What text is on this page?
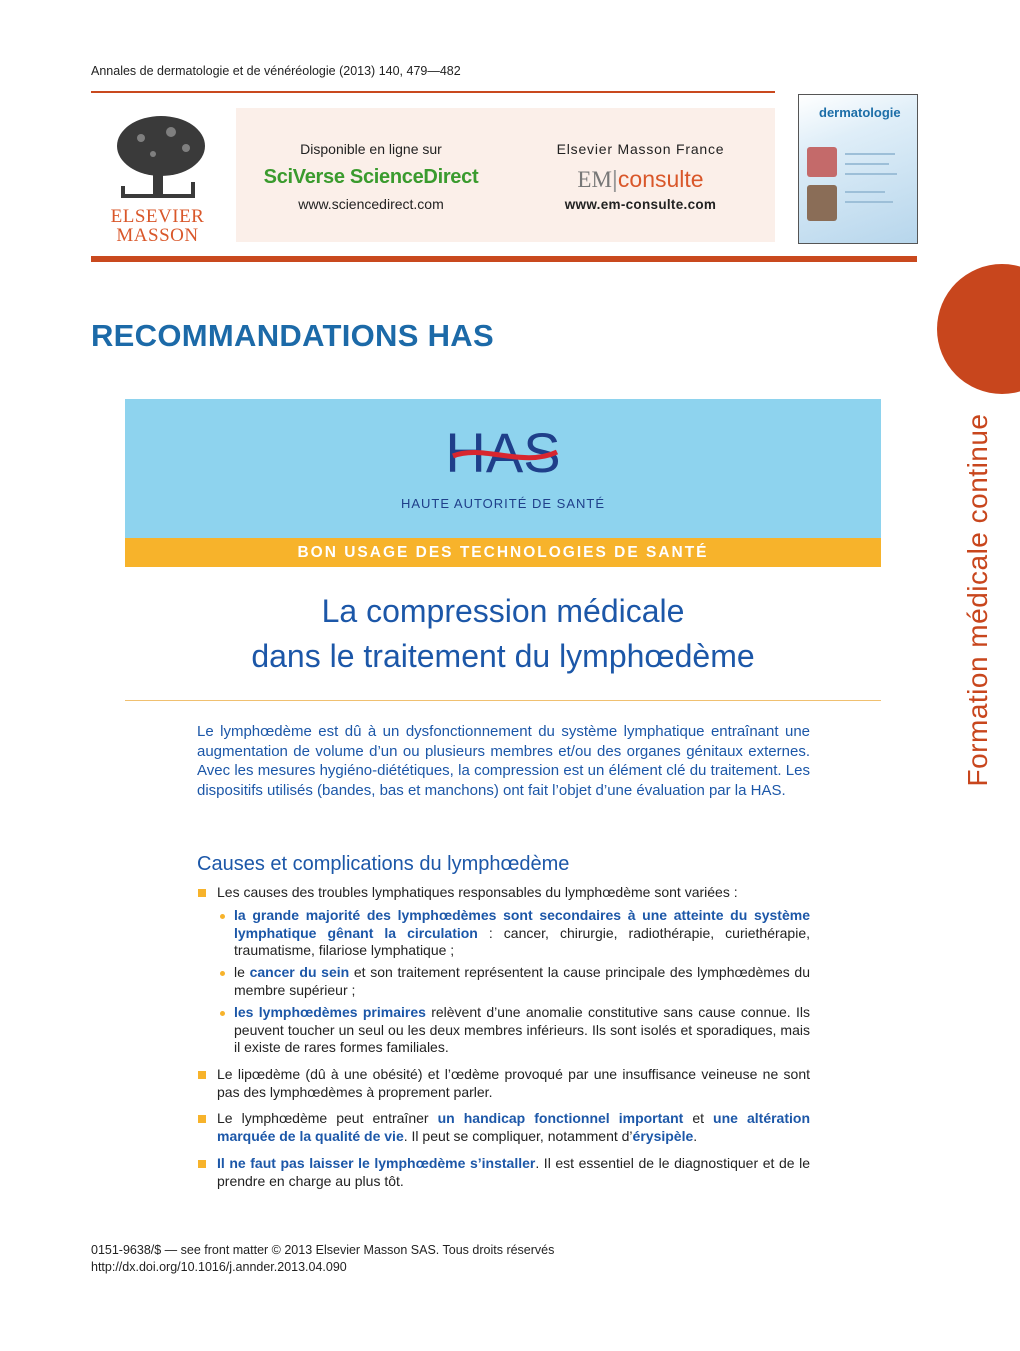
Annales de dermatologie et de vénéréologie (2013) 140, 479—482
ELSEVIER
MASSON
Disponible en ligne sur
SciVerse ScienceDirect
www.sciencedirect.com
Elsevier Masson France
EM|consulte
www.em-consulte.com
dermatologie
Formation médicale continue
RECOMMANDATIONS HAS
HAS
HAUTE AUTORITÉ DE SANTÉ
BON USAGE DES TECHNOLOGIES DE SANTÉ
La compression médicale
dans le traitement du lymphœdème
Le lymphœdème est dû à un dysfonctionnement du système lymphatique entraînant une augmentation de volume d’un ou plusieurs membres et/ou des organes génitaux externes. Avec les mesures hygiéno-diététiques, la compression est un élément clé du traitement. Les dispositifs utilisés (bandes, bas et manchons) ont fait l’objet d’une évaluation par la HAS.
Causes et complications du lymphœdème
Les causes des troubles lymphatiques responsables du lymphœdème sont variées :
la grande majorité des lymphœdèmes sont secondaires à une atteinte du système lymphatique gênant la circulation : cancer, chirurgie, radiothérapie, curiethérapie, traumatisme, filariose lymphatique ;
le cancer du sein et son traitement représentent la cause principale des lymphœdèmes du membre supérieur ;
les lymphœdèmes primaires relèvent d’une anomalie constitutive sans cause connue. Ils peuvent toucher un seul ou les deux membres inférieurs. Ils sont isolés et sporadiques, mais il existe de rares formes familiales.
Le lipœdème (dû à une obésité) et l’œdème provoqué par une insuffisance veineuse ne sont pas des lymphœdèmes à proprement parler.
Le lymphœdème peut entraîner un handicap fonctionnel important et une altération marquée de la qualité de vie. Il peut se compliquer, notamment d’érysipèle.
Il ne faut pas laisser le lymphœdème s’installer. Il est essentiel de le diagnostiquer et de le prendre en charge au plus tôt.
0151-9638/$ — see front matter © 2013 Elsevier Masson SAS. Tous droits réservés
http://dx.doi.org/10.1016/j.annder.2013.04.090
